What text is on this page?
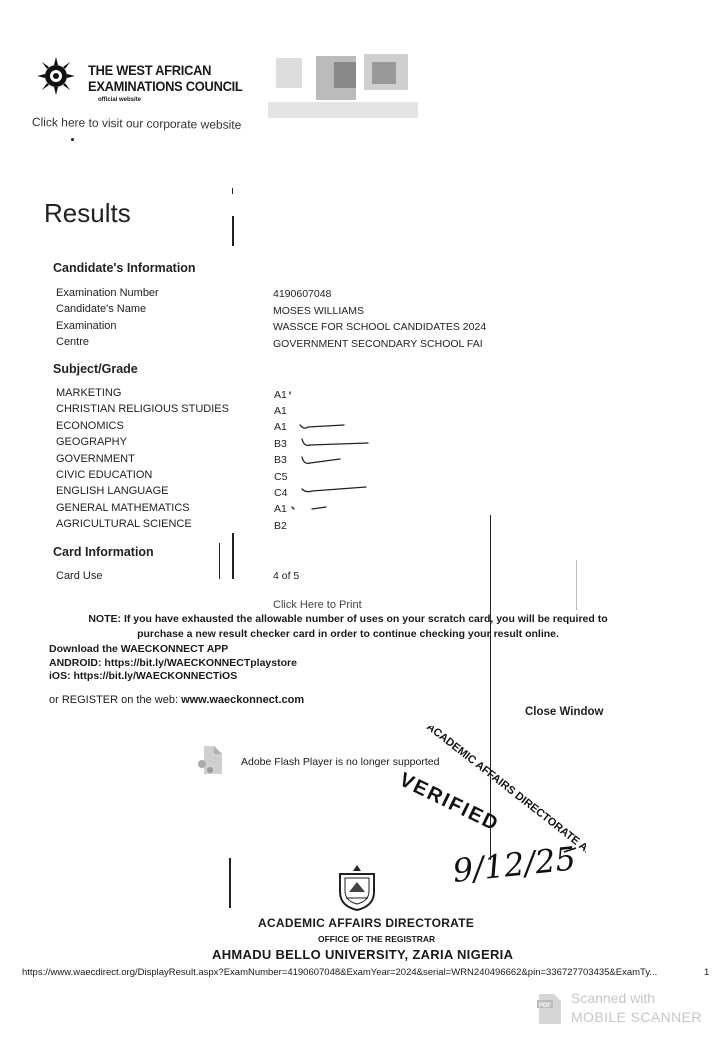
THE WEST AFRICAN
EXAMINATIONS COUNCIL
official website
Click here to visit our corporate website
Results
Candidate's Information
Examination Number	4190607048
Candidate's Name	MOSES WILLIAMS
Examination	WASSCE FOR SCHOOL CANDIDATES 2024
Centre	GOVERNMENT SECONDARY SCHOOL FAI
Subject/Grade
MARKETING	A1
CHRISTIAN RELIGIOUS STUDIES	A1
ECONOMICS	A1
GEOGRAPHY	B3
GOVERNMENT	B3
CIVIC EDUCATION	C5
ENGLISH LANGUAGE	C4
GENERAL MATHEMATICS	A1
AGRICULTURAL SCIENCE	B2
Card Information
Card Use	4 of 5
Click Here to Print
NOTE: If you have exhausted the allowable number of uses on your scratch card, you will be required to purchase a new result checker card in order to continue checking your result online.
Download the WAECKONNECT APP
ANDROID: https://bit.ly/WAECKONNECTplaystore
iOS: https://bit.ly/WAECKONNECTiOS
or REGISTER on the web: www.waeckonnect.com
Close Window
Adobe Flash Player is no longer supported
ACADEMIC AFFAIRS DIRECTORATE ABU
VERIFIED
9/12/25
ACADEMIC AFFAIRS DIRECTORATE
OFFICE OF THE REGISTRAR
AHMADU BELLO UNIVERSITY, ZARIA NIGERIA
https://www.waecdirect.org/DisplayResult.aspx?ExamNumber=4190607048&ExamYear=2024&serial=WRN240496662&pin=336727703435&ExamTy...	1
PDF Scanned with
MOBILE SCANNER
